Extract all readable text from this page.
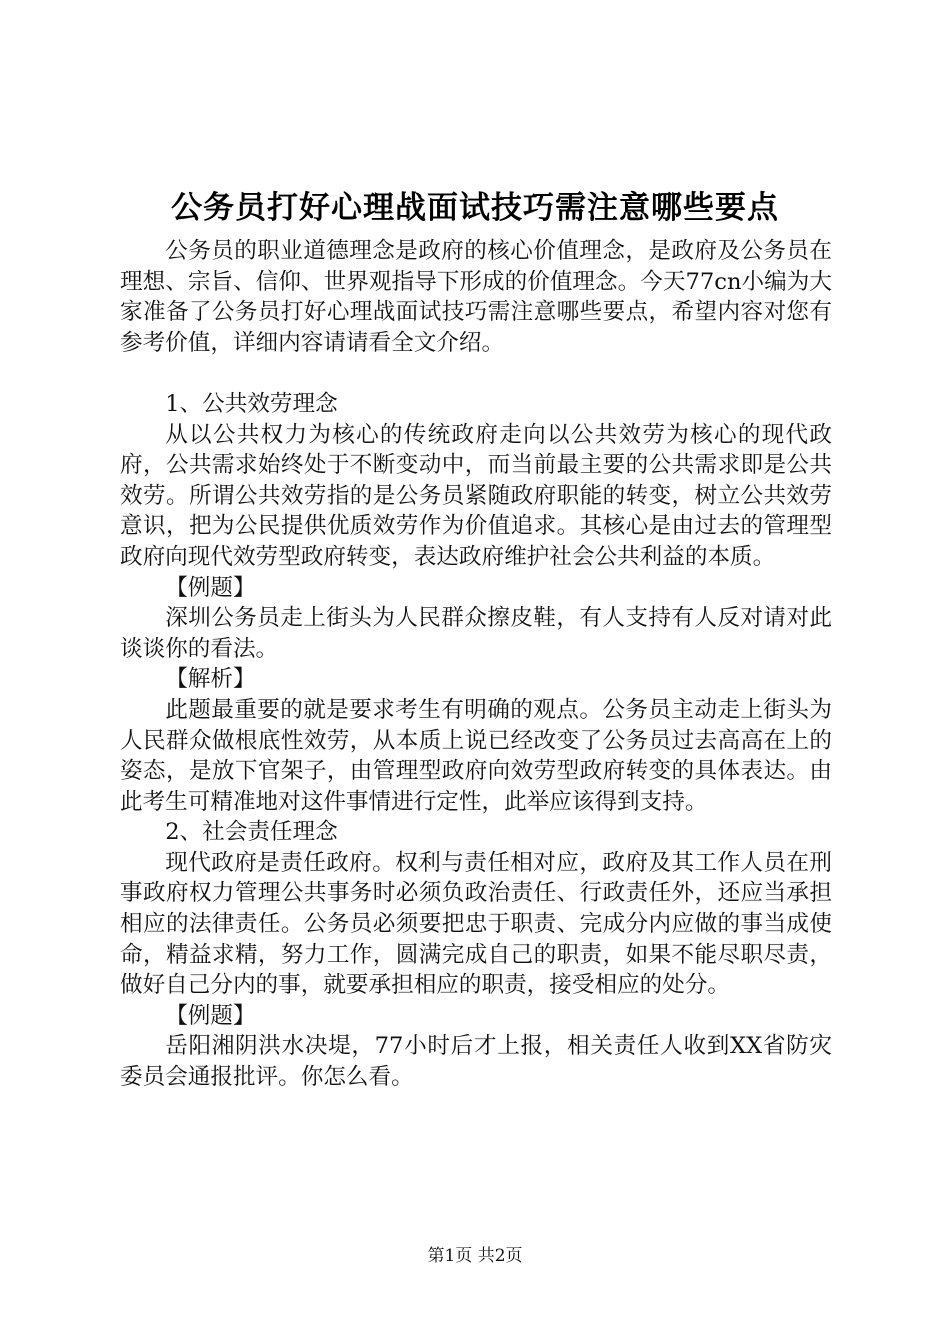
公务员打好心理战面试技巧需注意哪些要点

公务员的职业道德理念是政府的核心价值理念，是政府及公务员在理想、宗旨、信仰、世界观指导下形成的价值理念。今天77cn小编为大家准备了公务员打好心理战面试技巧需注意哪些要点，希望内容对您有参考价值，详细内容请请看全文介绍。

1、公共效劳理念

从以公共权力为核心的传统政府走向以公共效劳为核心的现代政府，公共需求始终处于不断变动中，而当前最主要的公共需求即是公共效劳。所谓公共效劳指的是公务员紧随政府职能的转变，树立公共效劳意识，把为公民提供优质效劳作为价值追求。其核心是由过去的管理型政府向现代效劳型政府转变，表达政府维护社会公共利益的本质。

【例题】

深圳公务员走上街头为人民群众擦皮鞋，有人支持有人反对请对此谈谈你的看法。

【解析】

此题最重要的就是要求考生有明确的观点。公务员主动走上街头为人民群众做根底性效劳，从本质上说已经改变了公务员过去高高在上的姿态，是放下官架子，由管理型政府向效劳型政府转变的具体表达。由此考生可精准地对这件事情进行定性，此举应该得到支持。

2、社会责任理念

现代政府是责任政府。权利与责任相对应，政府及其工作人员在刑事政府权力管理公共事务时必须负政治责任、行政责任外，还应当承担相应的法律责任。公务员必须要把忠于职责、完成分内应做的事当成使命，精益求精，努力工作，圆满完成自己的职责，如果不能尽职尽责，做好自己分内的事，就要承担相应的职责，接受相应的处分。

【例题】

岳阳湘阴洪水决堤，77小时后才上报，相关责任人收到XX省防灾委员会通报批评。你怎么看。

第1页 共2页
